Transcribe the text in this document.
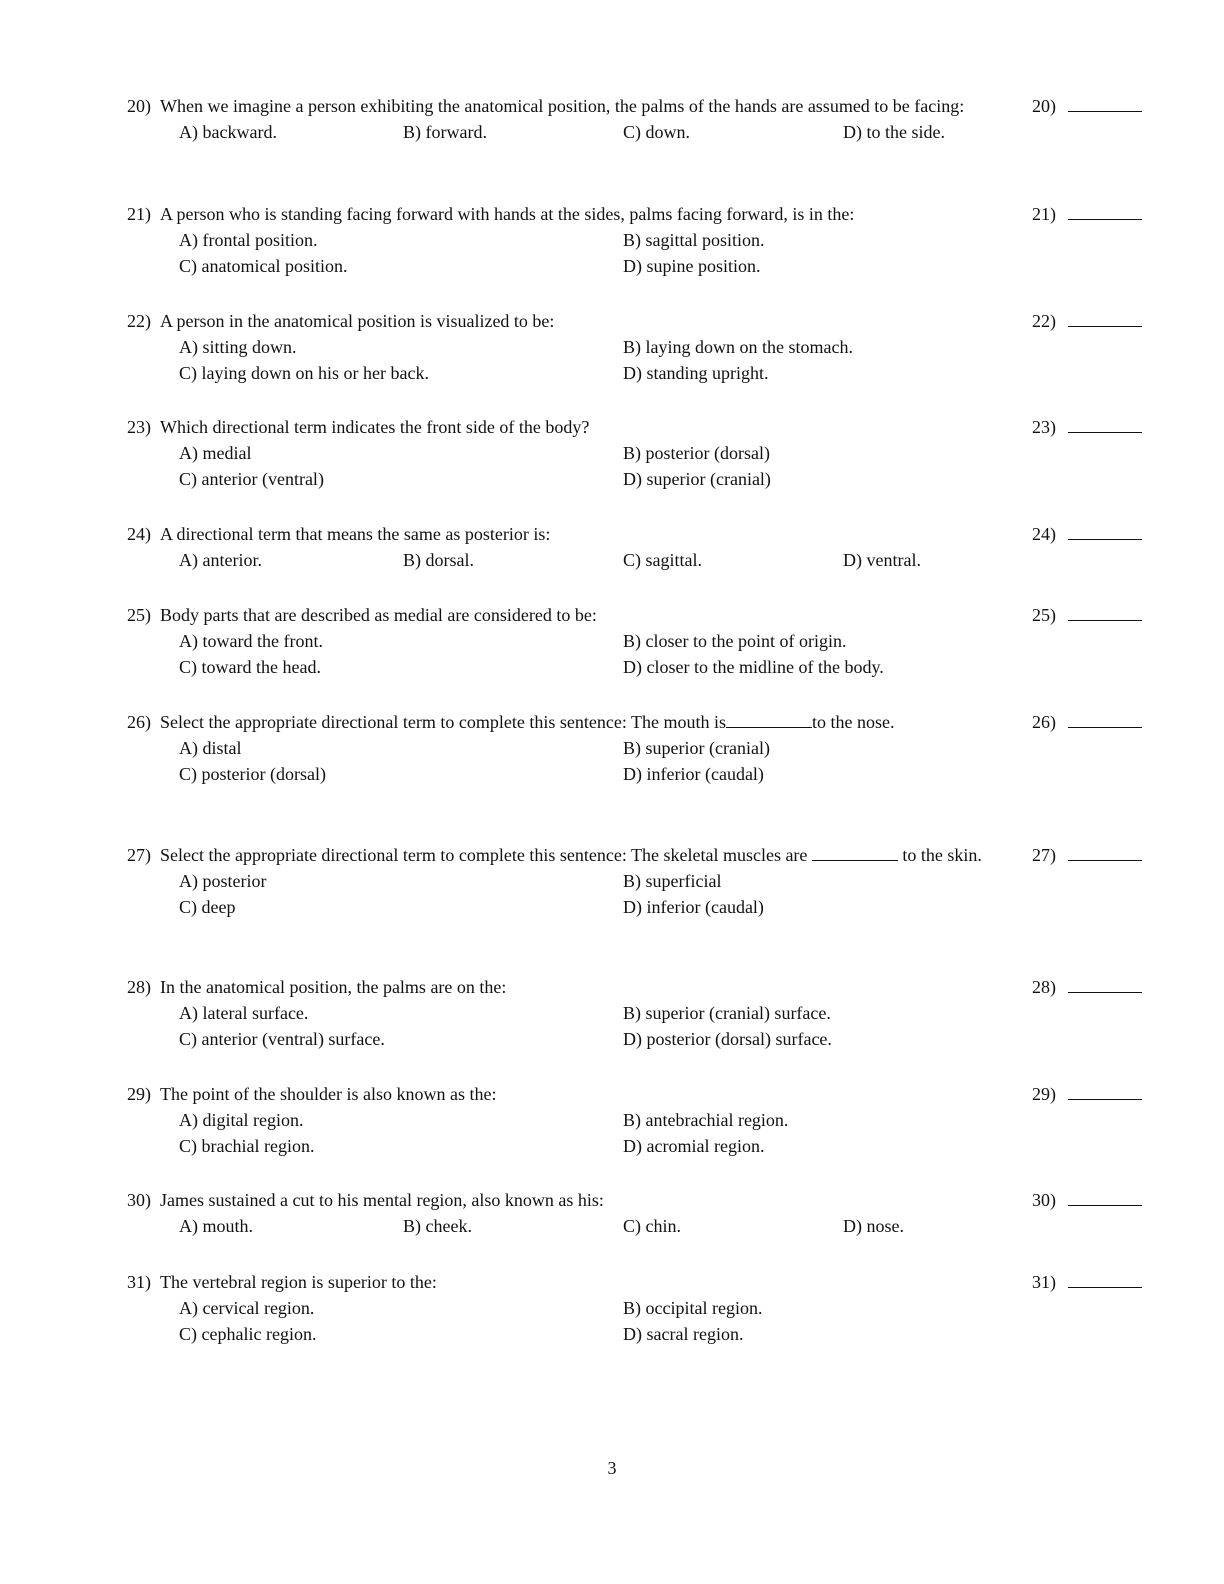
20) When we imagine a person exhibiting the anatomical position, the palms of the hands are assumed to be facing:	20)
A) backward.	B) forward.	C) down.	D) to the side.
21) A person who is standing facing forward with hands at the sides, palms facing forward, is in the:	21)
A) frontal position.	B) sagittal position.
C) anatomical position.	D) supine position.
22) A person in the anatomical position is visualized to be:	22)
A) sitting down.	B) laying down on the stomach.
C) laying down on his or her back.	D) standing upright.
23) Which directional term indicates the front side of the body?	23)
A) medial	B) posterior (dorsal)
C) anterior (ventral)	D) superior (cranial)
24) A directional term that means the same as posterior is:	24)
A) anterior.	B) dorsal.	C) sagittal.	D) ventral.
25) Body parts that are described as medial are considered to be:	25)
A) toward the front.	B) closer to the point of origin.
C) toward the head.	D) closer to the midline of the body.
26) Select the appropriate directional term to complete this sentence: The mouth is	to the nose.	26)
A) distal	B) superior (cranial)
C) posterior (dorsal)	D) inferior (caudal)
27) Select the appropriate directional term to complete this sentence: The skeletal muscles are	to the skin.	27)
A) posterior	B) superficial
C) deep	D) inferior (caudal)
28) In the anatomical position, the palms are on the:	28)
A) lateral surface.	B) superior (cranial) surface.
C) anterior (ventral) surface.	D) posterior (dorsal) surface.
29) The point of the shoulder is also known as the:	29)
A) digital region.	B) antebrachial region.
C) brachial region.	D) acromial region.
30) James sustained a cut to his mental region, also known as his:	30)
A) mouth.	B) cheek.	C) chin.	D) nose.
31) The vertebral region is superior to the:	31)
A) cervical region.	B) occipital region.
C) cephalic region.	D) sacral region.
3
